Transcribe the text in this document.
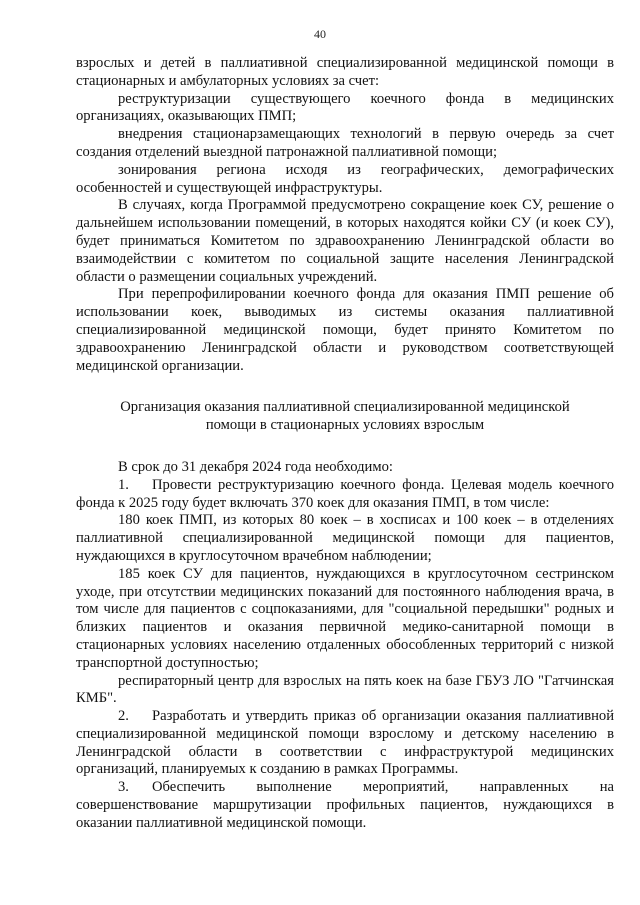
40

взрослых и детей в паллиативной специализированной медицинской помощи в стационарных и амбулаторных условиях за счет:

реструктуризации существующего коечного фонда в медицинских организациях, оказывающих ПМП;

внедрения стационарзамещающих технологий в первую очередь за счет создания отделений выездной патронажной паллиативной помощи;

зонирования региона исходя из географических, демографических особенностей и существующей инфраструктуры.

В случаях, когда Программой предусмотрено сокращение коек СУ, решение о дальнейшем использовании помещений, в которых находятся койки СУ (и коек СУ), будет приниматься Комитетом по здравоохранению Ленинградской области во взаимодействии с комитетом по социальной защите населения Ленинградской области о размещении социальных учреждений.

При перепрофилировании коечного фонда для оказания ПМП решение об использовании коек, выводимых из системы оказания паллиативной специализированной медицинской помощи, будет принято Комитетом по здравоохранению Ленинградской области и руководством соответствующей медицинской организации.

Организация оказания паллиативной специализированной медицинской помощи в стационарных условиях взрослым

В срок до 31 декабря 2024 года необходимо:

1. Провести реструктуризацию коечного фонда. Целевая модель коечного фонда к 2025 году будет включать 370 коек для оказания ПМП, в том числе:

180 коек ПМП, из которых 80 коек – в хосписах и 100 коек – в отделениях паллиативной специализированной медицинской помощи для пациентов, нуждающихся в круглосуточном врачебном наблюдении;

185 коек СУ для пациентов, нуждающихся в круглосуточном сестринском уходе, при отсутствии медицинских показаний для постоянного наблюдения врача, в том числе для пациентов с соцпоказаниями, для "социальной передышки" родных и близких пациентов и оказания первичной медико-санитарной помощи в стационарных условиях населению отдаленных обособленных территорий с низкой транспортной доступностью;

респираторный центр для взрослых на пять коек на базе ГБУЗ ЛО "Гатчинская КМБ".

2. Разработать и утвердить приказ об организации оказания паллиативной специализированной медицинской помощи взрослому и детскому населению в Ленинградской области в соответствии с инфраструктурой медицинских организаций, планируемых к созданию в рамках Программы.

3. Обеспечить выполнение мероприятий, направленных на совершенствование маршрутизации профильных пациентов, нуждающихся в оказании паллиативной медицинской помощи.
